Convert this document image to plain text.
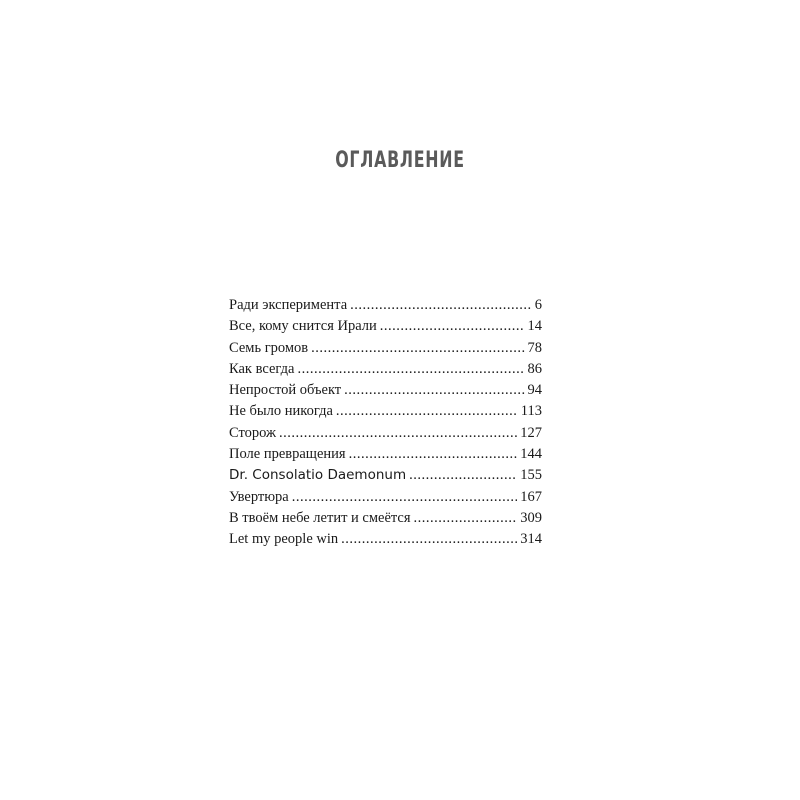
ОГЛАВЛЕНИЕ
Ради эксперимента .....	6
Все, кому снится Ирали .....	14
Семь громов .....	78
Как всегда .....	86
Непростой объект .....	94
Не было никогда .....	113
Сторож .....	127
Поле превращения .....	144
Dr. Consolatio Daemonum .....	155
Увертюра .....	167
В твоём небе летит и смеётся .....	309
Let my people win .....	314
